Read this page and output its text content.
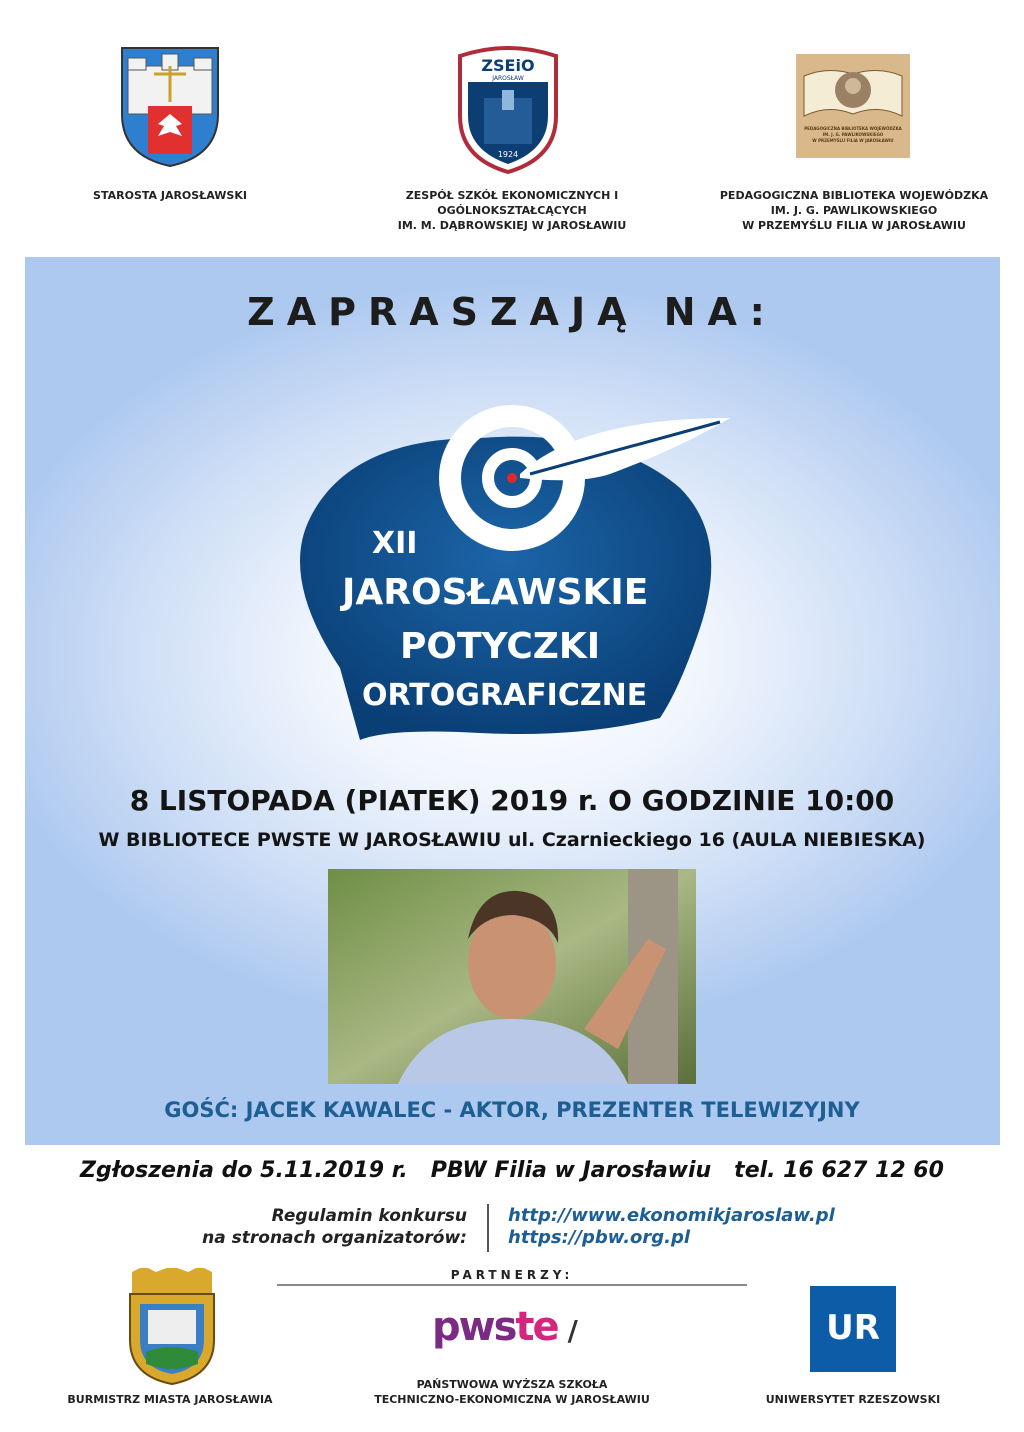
STAROSTA JAROSŁAWSKI
ZSEiO
JAROSŁAW
1924
ZESPÓŁ SZKÓŁ EKONOMICZNYCH I OGÓLNOKSZTAŁCĄCYCH
IM. M. DĄBROWSKIEJ W JAROSŁAWIU
PEDAGOGICZNA BIBLIOTEKA WOJEWÓDZKA
IM. J. G. PAWLIKOWSKIEGO
W PRZEMYŚLU FILIA W JAROSŁAWIU
PEDAGOGICZNA BIBLIOTEKA WOJEWÓDZKA
IM. J. G. PAWLIKOWSKIEGO
W PRZEMYŚLU FILIA W JAROSŁAWIU
ZAPRASZAJĄ NA:
XII
JAROSŁAWSKIE
POTYCZKI
ORTOGRAFICZNE
8 LISTOPADA (PIATEK) 2019 r. O GODZINIE 10:00
W BIBLIOTECE PWSTE W JAROSŁAWIU ul. Czarnieckiego 16 (AULA NIEBIESKA)
GOŚĆ: JACEK KAWALEC - AKTOR, PREZENTER TELEWIZYJNY
Zgłoszenia do 5.11.2019 r.   PBW Filia w Jarosławiu   tel. 16 627 12 60
Regulamin konkursu
na stronach organizatorów:
http://www.ekonomikjaroslaw.pl
https://pbw.org.pl
PARTNERZY:
BURMISTRZ MIASTA JAROSŁAWIA
pwste /
PAŃSTWOWA WYŻSZA SZKOŁA
TECHNICZNO-EKONOMICZNA W JAROSŁAWIU
UR
UNIWERSYTET RZESZOWSKI
